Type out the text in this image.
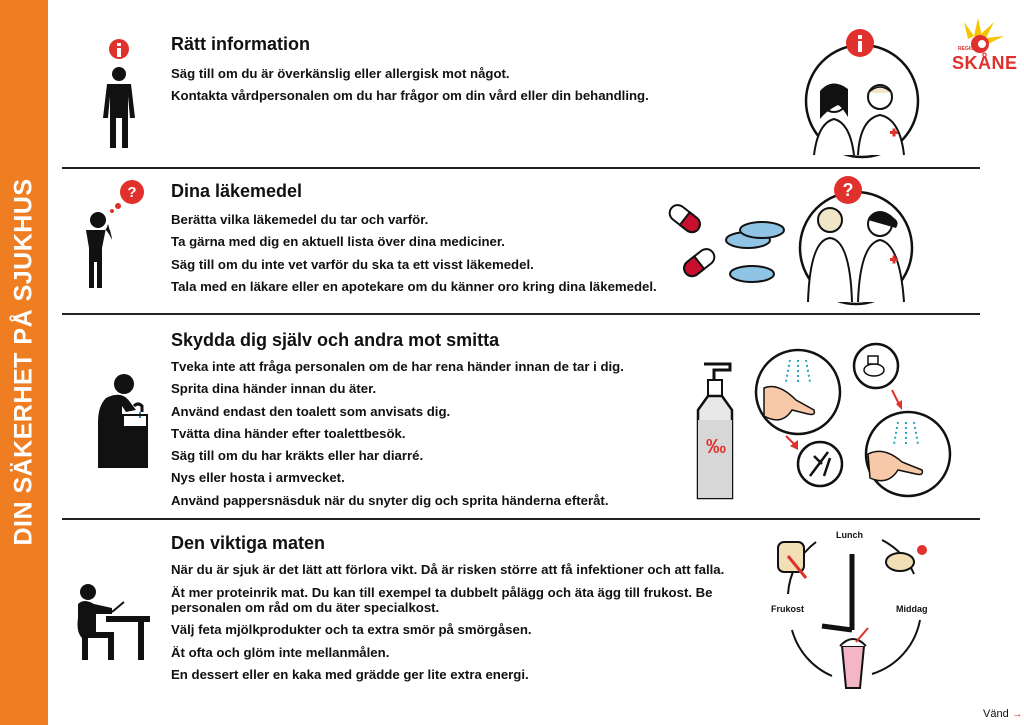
DIN SÄKERHET PÅ SJUKHUS
REGION
SKÅNE
Rätt information
Säg till om du är överkänslig eller allergisk mot något.
Kontakta vårdpersonalen om du har frågor om din vård eller din behandling.
? Dina läkemedel
Berätta vilka läkemedel du tar och varför.
Ta gärna med dig en aktuell lista över dina mediciner.
Säg till om du inte vet varför du ska ta ett visst läkemedel.
Tala med en läkare eller en apotekare om du känner oro kring dina läkemedel.
?
Skydda dig själv och andra mot smitta
Tveka inte att fråga personalen om de har rena händer innan de tar i dig.
Sprita dina händer innan du äter.
Använd endast den toalett som anvisats dig.
Tvätta dina händer efter toalettbesök.
Säg till om du har kräkts eller har diarré.
Nys eller hosta i armvecket.
Använd pappersnäsduk när du snyter dig och sprita händerna efteråt.
‰
Den viktiga maten
När du är sjuk är det lätt att förlora vikt. Då är risken större att få infektioner och att falla.
Ät mer proteinrik mat. Du kan till exempel ta dubbelt pålägg och äta ägg till frukost. Be personalen om råd om du äter specialkost.
Välj feta mjölkprodukter och ta extra smör på smörgåsen.
Ät ofta och glöm inte mellanmålen.
En dessert eller en kaka med grädde ger lite extra energi.
Lunch
Frukost	Middag
Vänd →
